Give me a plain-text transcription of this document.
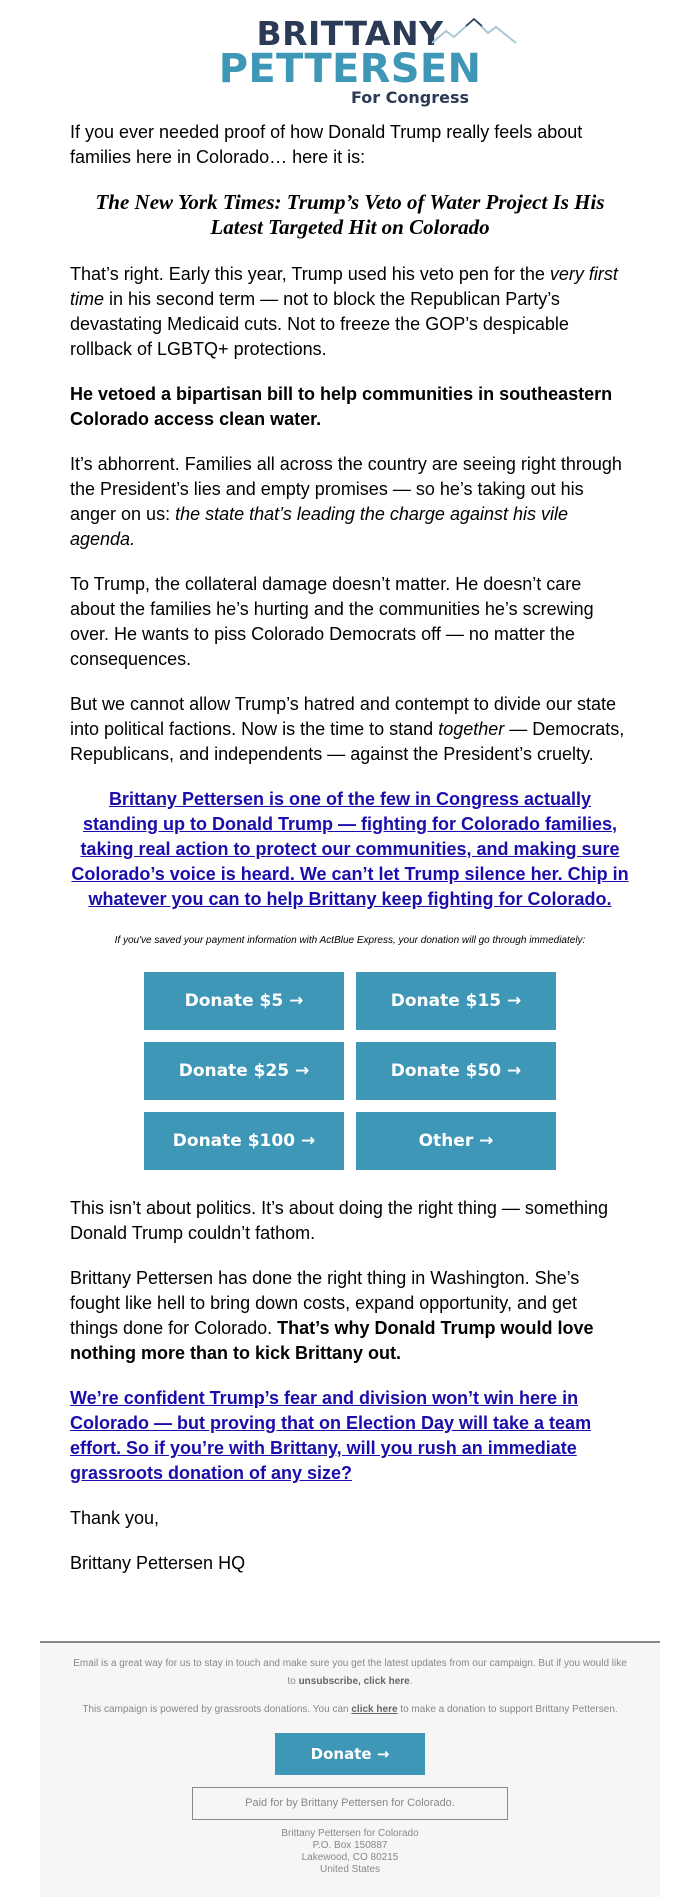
BRITTANY
PETTERSEN
For Congress

If you ever needed proof of how Donald Trump really feels about families here in Colorado… here it is:

The New York Times: Trump’s Veto of Water Project Is His Latest Targeted Hit on Colorado

That’s right. Early this year, Trump used his veto pen for the very first time in his second term — not to block the Republican Party’s devastating Medicaid cuts. Not to freeze the GOP’s despicable rollback of LGBTQ+ protections.

He vetoed a bipartisan bill to help communities in southeastern Colorado access clean water.

It’s abhorrent. Families all across the country are seeing right through the President’s lies and empty promises — so he’s taking out his anger on us: the state that’s leading the charge against his vile agenda.

To Trump, the collateral damage doesn’t matter. He doesn’t care about the families he’s hurting and the communities he’s screwing over. He wants to piss Colorado Democrats off — no matter the consequences.

But we cannot allow Trump’s hatred and contempt to divide our state into political factions. Now is the time to stand together — Democrats, Republicans, and independents — against the President’s cruelty.

Brittany Pettersen is one of the few in Congress actually standing up to Donald Trump — fighting for Colorado families, taking real action to protect our communities, and making sure Colorado’s voice is heard. We can’t let Trump silence her. Chip in whatever you can to help Brittany keep fighting for Colorado.
If you've saved your payment information with ActBlue Express, your donation will go through immediately:
Donate $5 →	Donate $15 →
Donate $25 →	Donate $50 →
Donate $100 →	Other →

This isn’t about politics. It’s about doing the right thing — something Donald Trump couldn’t fathom.

Brittany Pettersen has done the right thing in Washington. She’s fought like hell to bring down costs, expand opportunity, and get things done for Colorado. That’s why Donald Trump would love nothing more than to kick Brittany out.

We’re confident Trump’s fear and division won’t win here in Colorado — but proving that on Election Day will take a team effort. So if you’re with Brittany, will you rush an immediate grassroots donation of any size?

Thank you,

Brittany Pettersen HQ

Email is a great way for us to stay in touch and make sure you get the latest updates from our campaign. But if you would like to unsubscribe, click here.

This campaign is powered by grassroots donations. You can click here to make a donation to support Brittany Pettersen.

Donate →
Paid for by Brittany Pettersen for Colorado.
Brittany Pettersen for Colorado
P.O. Box 150887
Lakewood, CO 80215
United States
